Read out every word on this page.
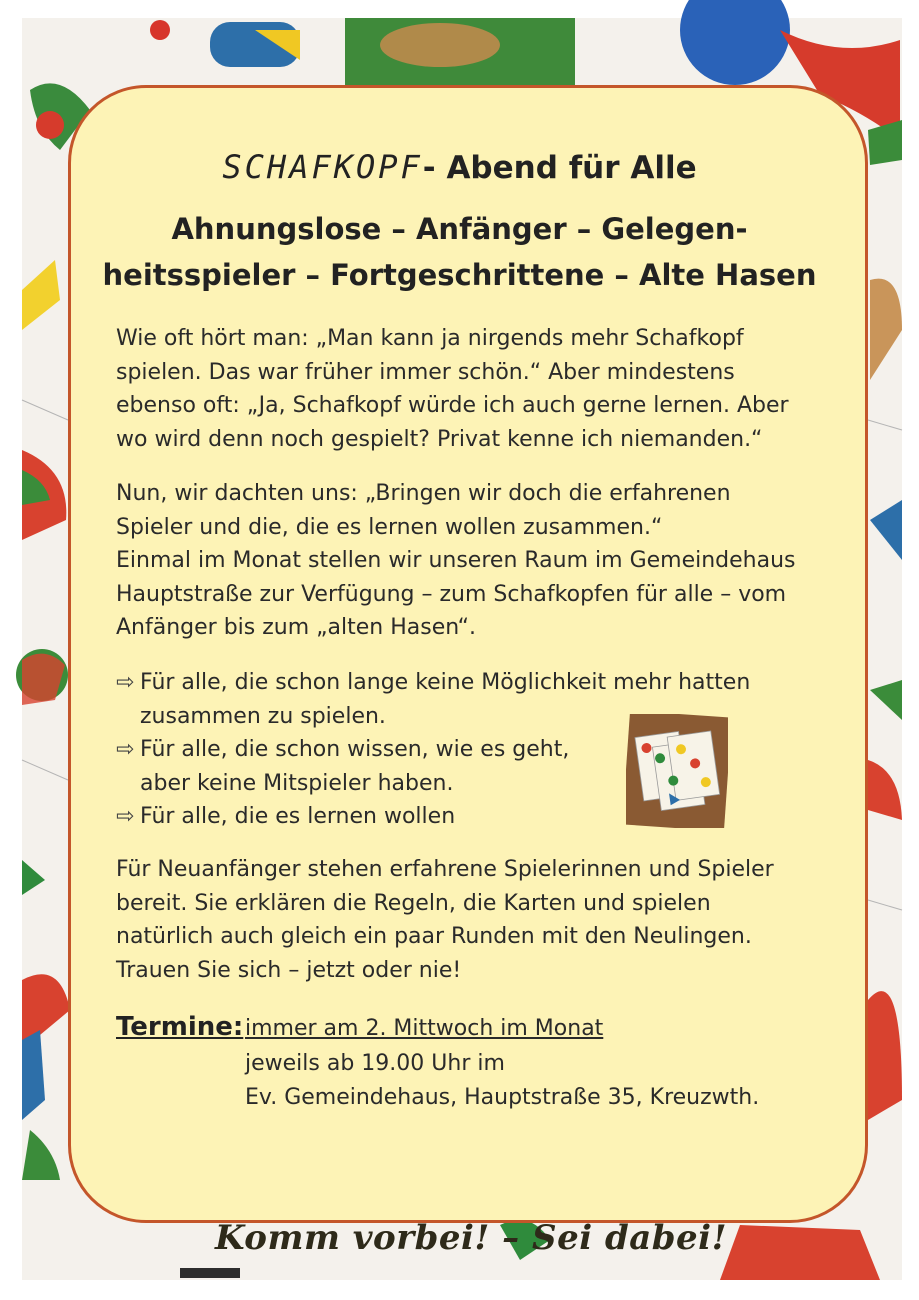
Komm vorbei! – Sei dabei!
SCHAFKOPF- Abend für Alle
Ahnungslose – Anfänger – Gelegen-
heitsspieler – Fortgeschrittene – Alte Hasen
Wie oft hört man: „Man kann ja nirgends mehr Schafkopf
spielen. Das war früher immer schön.“ Aber mindestens
ebenso oft: „Ja, Schafkopf würde ich auch gerne lernen. Aber
wo wird denn noch gespielt? Privat kenne ich niemanden.“
Nun, wir dachten uns: „Bringen wir doch die erfahrenen
Spieler und die, die es lernen wollen zusammen.“
Einmal im Monat stellen wir unseren Raum im Gemeindehaus
Hauptstraße zur Verfügung – zum Schafkopfen für alle – vom
Anfänger bis zum „alten Hasen“.
⇨ Für alle, die schon lange keine Möglichkeit mehr hatten
zusammen zu spielen.
⇨ Für alle, die schon wissen, wie es geht,
aber keine Mitspieler haben.
⇨ Für alle, die es lernen wollen
Für Neuanfänger stehen erfahrene Spielerinnen und Spieler
bereit. Sie erklären die Regeln, die Karten und spielen
natürlich auch gleich ein paar Runden mit den Neulingen.
Trauen Sie sich – jetzt oder nie!
Termine: immer am 2. Mittwoch im Monat
jeweils ab 19.00 Uhr im
Ev. Gemeindehaus, Hauptstraße 35, Kreuzwth.
